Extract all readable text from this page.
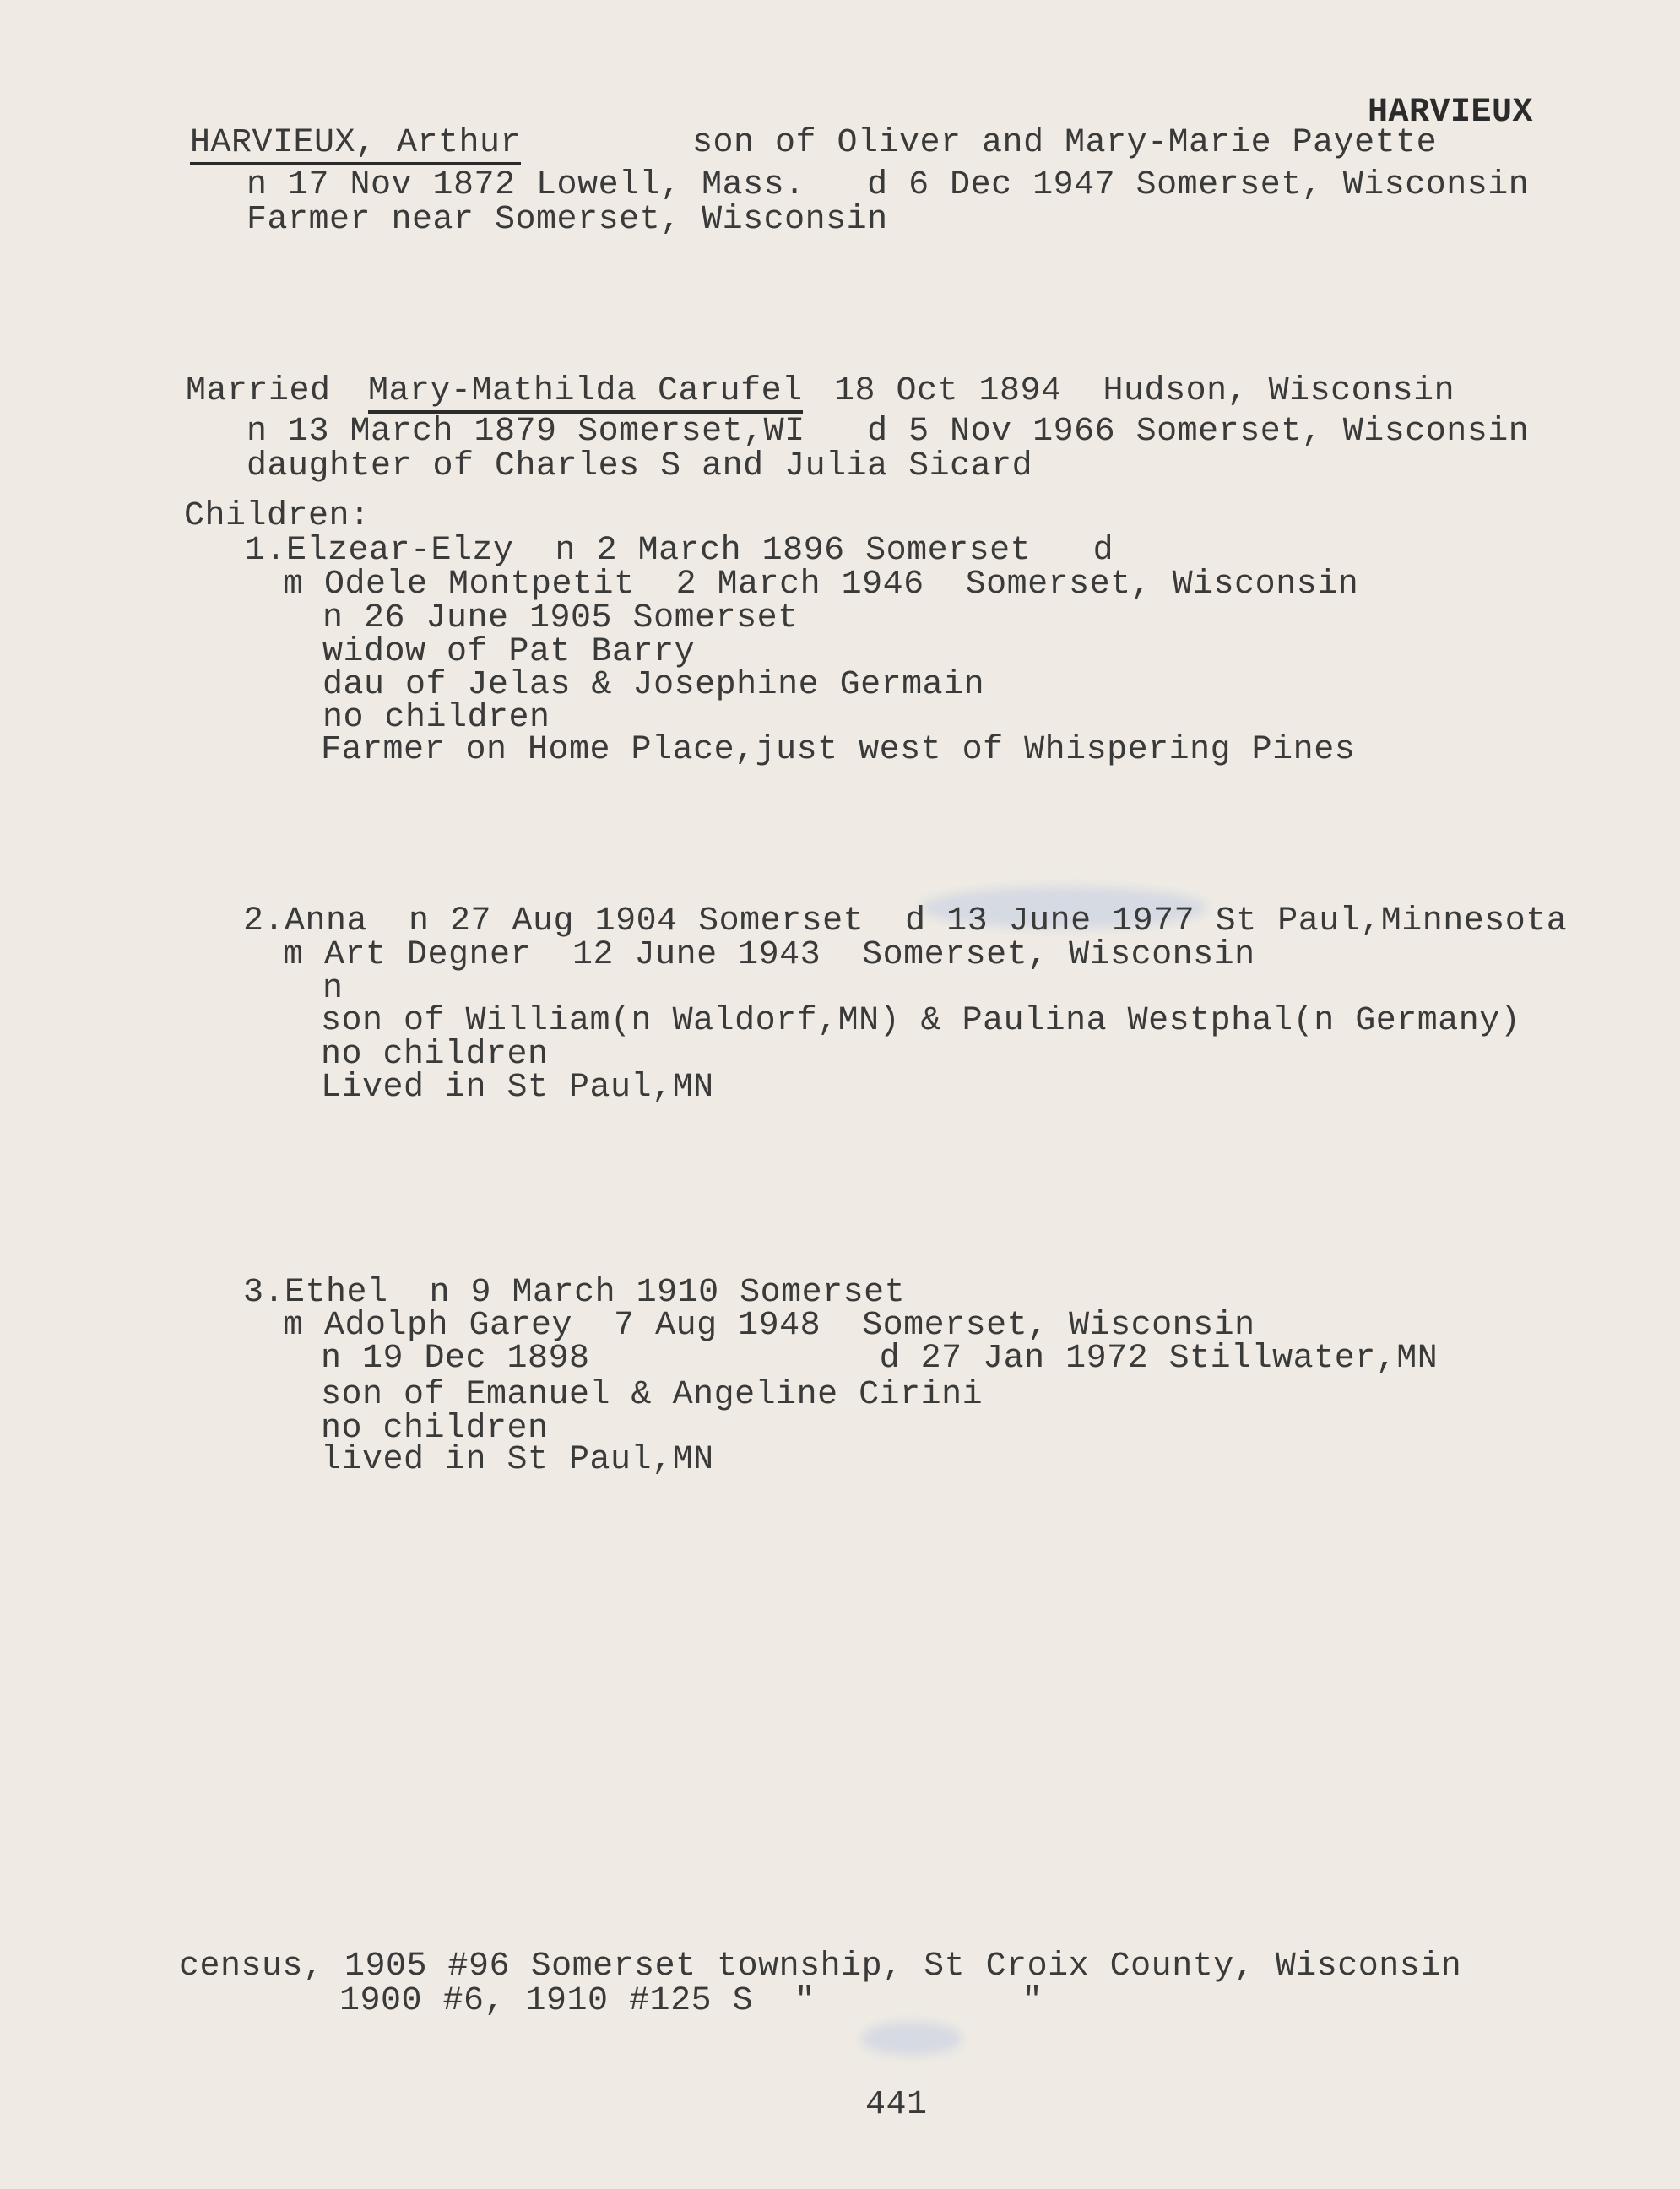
HARVIEUX
HARVIEUX, Arthur	son of Oliver and Mary-Marie Payette
n 17 Nov 1872 Lowell, Mass.   d 6 Dec 1947 Somerset, Wisconsin
Farmer near Somerset, Wisconsin
Married Mary-Mathilda Carufel 18 Oct 1894  Hudson, Wisconsin
n 13 March 1879 Somerset,WI   d 5 Nov 1966 Somerset, Wisconsin
daughter of Charles S and Julia Sicard
Children:
1.Elzear-Elzy  n 2 March 1896 Somerset   d
m Odele Montpetit  2 March 1946  Somerset, Wisconsin
n 26 June 1905 Somerset
widow of Pat Barry
dau of Jelas & Josephine Germain
no children
Farmer on Home Place,just west of Whispering Pines
2.Anna  n 27 Aug 1904 Somerset  d 13 June 1977 St Paul,Minnesota
m Art Degner  12 June 1943  Somerset, Wisconsin
n
son of William(n Waldorf,MN) & Paulina Westphal(n Germany)
no children
Lived in St Paul,MN
3.Ethel  n 9 March 1910 Somerset
m Adolph Garey  7 Aug 1948  Somerset, Wisconsin
n 19 Dec 1898              d 27 Jan 1972 Stillwater,MN
son of Emanuel & Angeline Cirini
no children
lived in St Paul,MN
census, 1905 #96 Somerset township, St Croix County, Wisconsin
1900 #6, 1910 #125 S  "          "
441
